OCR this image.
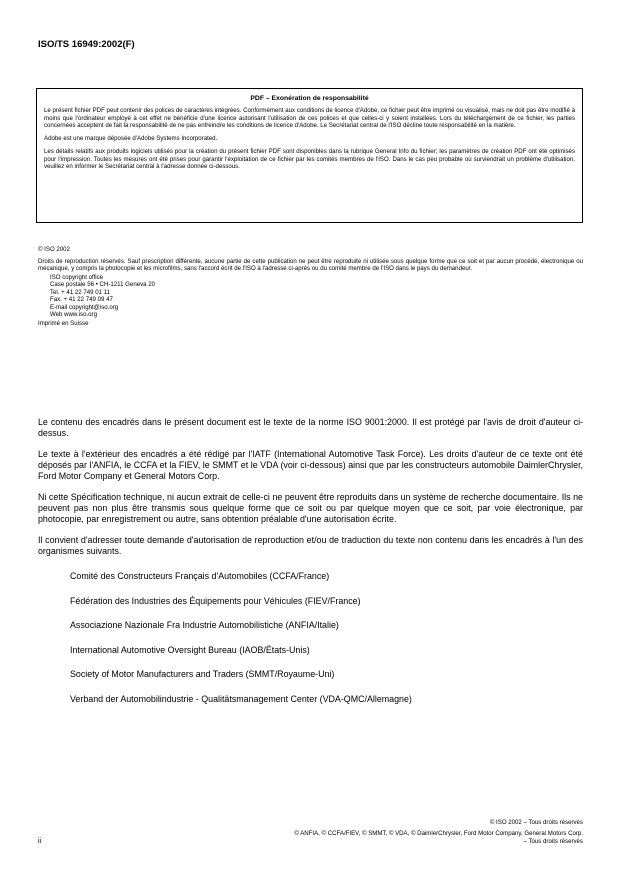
ISO/TS 16949:2002(F)
PDF – Exonération de responsabilité

Le présent fichier PDF peut contenir des polices de caractères intégrées. Conformément aux conditions de licence d'Adobe, ce fichier peut être imprimé ou visualisé, mais ne doit pas être modifié à moins que l'ordinateur employé à cet effet ne bénéficie d'une licence autorisant l'utilisation de ces polices et que celles-ci y soient installées. Lors du téléchargement de ce fichier, les parties concernées acceptent de fait la responsabilité de ne pas enfreindre les conditions de licence d'Adobe. Le Secrétariat central de l'ISO décline toute responsabilité en la matière.

Adobe est une marque déposée d'Adobe Systems Incorporated.

Les détails relatifs aux produits logiciels utilisés pour la création du présent fichier PDF sont disponibles dans la rubrique General Info du fichier; les paramètres de création PDF ont été optimisés pour l'impression. Toutes les mesures ont été prises pour garantir l'exploitation de ce fichier par les comités membres de l'ISO. Dans le cas peu probable où surviendrait un problème d'utilisation, veuillez en informer le Secrétariat central à l'adresse donnée ci-dessous.

© ISO 2002

Droits de reproduction réservés. Sauf prescription différente, aucune partie de cette publication ne peut être reproduite ni utilisée sous quelque forme que ce soit et par aucun procédé, électronique ou mécanique, y compris la photocopie et les microfilms, sans l'accord écrit de l'ISO à l'adresse ci-après ou du comité membre de l'ISO dans le pays du demandeur.

ISO copyright office
Case postale 56 • CH-1211 Geneva 20
Tel. + 41 22 749 01 11
Fax. + 41 22 749 09 47
E-mail copyright@iso.org
Web www.iso.org
Imprimé en Suisse

Le contenu des encadrés dans le présent document est le texte de la norme ISO 9001:2000. Il est protégé par l'avis de droit d'auteur ci-dessus.

Le texte à l'extérieur des encadrés a été rédigé par l'IATF (International Automotive Task Force). Les droits d'auteur de ce texte ont été déposés par l'ANFIA, le CCFA et la FIEV, le SMMT et le VDA (voir ci-dessous) ainsi que par les constructeurs automobile DaimlerChrysler, Ford Motor Company et General Motors Corp.

Ni cette Spécification technique, ni aucun extrait de celle-ci ne peuvent être reproduits dans un système de recherche documentaire. Ils ne peuvent pas non plus être transmis sous quelque forme que ce soit ou par quelque moyen que ce soit, par voie électronique, par photocopie, par enregistrement ou autre, sans obtention préalable d'une autorisation écrite.

Il convient d'adresser toute demande d'autorisation de reproduction et/ou de traduction du texte non contenu dans les encadrés à l'un des organismes suivants.

Comité des Constructeurs Français d'Automobiles (CCFA/France)
Fédération des Industries des Équipements pour Véhicules (FIEV/France)
Associazione Nazionale Fra Industrie Automobilistiche (ANFIA/Italie)
International Automotive Oversight Bureau (IAOB/États-Unis)
Society of Motor Manufacturers and Traders (SMMT/Royaume-Uni)
Verband der Automobilindustrie - Qualitätsmanagement Center (VDA-QMC/Allemagne)
© ISO 2002 – Tous droits réservés
© ANFIA, © CCFA/FIEV, © SMMT, © VDA, © DaimlerChrysler, Ford Motor Company, General Motors Corp.
– Tous droits réservés
ii
